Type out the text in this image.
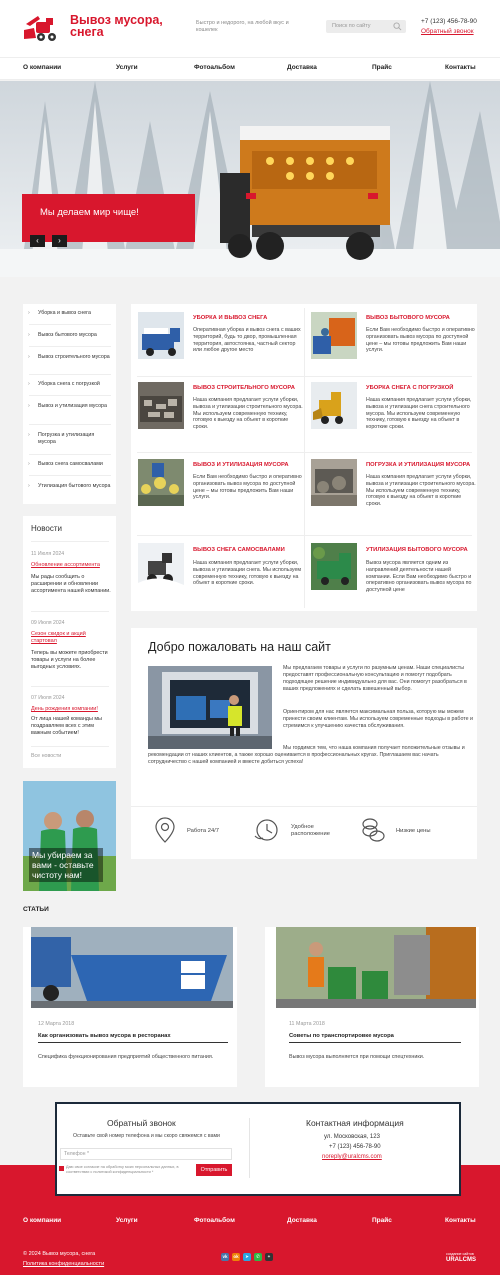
Вывоз мусора, снега
Быстро и недорого, на любой вкус и кошелек
Поиск по сайту
+7 (123) 456-78-90
Обратный звонок
О компании	Услуги	Фотоальбом	Доставка	Прайс	Контакты
Мы делаем мир чище!
‹	›
› Уборка и вывоз снега
› Вывоз бытового мусора
› Вывоз строительного мусора
› Уборка снега с погрузкой
› Вывоз и утилизация мусора
› Погрузка и утилизация мусора
› Вывоз снега самосвалами
› Утилизация бытового мусора
Новости
11 Июля 2024
Обновление ассортимента
Мы рады сообщить о расширении и обновлении ассортимента нашей компании.
09 Июля 2024
Сезон скидок и акций стартовал
Теперь вы можете приобрести товары и услуги на более выгодных условиях.
07 Июля 2024
День рождения компании!
От лица нашей команды мы поздравляем всех с этим важным событием!
Все новости
Мы убираем за вами - оставьте чистоту нам!
УБОРКА И ВЫВОЗ СНЕГА
Оперативная уборка и вывоз снега с ваших территорий, будь то двор, промышленная территория, автостоянка, частный сектор или любое другое место
ВЫВОЗ БЫТОВОГО МУСОРА
Если Вам необходимо быстро и оперативно организовать вывоз мусора по доступной цене – мы готовы предложить Вам наши услуги.
ВЫВОЗ СТРОИТЕЛЬНОГО МУСОРА
Наша компания предлагает услуги уборки, вывоза и утилизации строительного мусора. Мы используем современную технику, готовую к выезду на объект в короткие сроки.
УБОРКА СНЕГА С ПОГРУЗКОЙ
Наша компания предлагает услуги уборки, вывоза и утилизации снега строительного мусора. Мы используем современную технику, готовую к выезду на объект в короткие сроки.
ВЫВОЗ И УТИЛИЗАЦИЯ МУСОРА
Если Вам необходимо быстро и оперативно организовать вывоз мусора по доступной цене – мы готовы предложить Вам наши услуги.
ПОГРУЗКА И УТИЛИЗАЦИЯ МУСОРА
Наша компания предлагает услуги уборки, вывоза и утилизации строительного мусора. Мы используем современную технику, готовую к выезду на объект в короткие сроки.
ВЫВОЗ СНЕГА САМОСВАЛАМИ
Наша компания предлагает услуги уборки, вывоза и утилизации снега. Мы используем современную технику, готовую к выезду на объект в короткие сроки.
УТИЛИЗАЦИЯ БЫТОВОГО МУСОРА
Вывоз мусора является одним из направлений деятельности нашей компании. Если Вам необходимо быстро и оперативно организовать вывоз мусора по доступной цене
Добро пожаловать на наш сайт
Мы предлагаем товары и услуги по разумным ценам. Наши специалисты предоставят профессиональную консультацию и помогут подобрать подходящее решение индивидуально для вас. Они помогут разобраться в ваших предложениях и сделать взвешенный выбор.
Ориентиром для нас является максимальная польза, которую мы можем принести своим клиентам. Мы используем современные подходы в работе и стремимся к улучшению качества обслуживания.
Мы гордимся тем, что наша компания получает положительные отзывы и рекомендации от наших клиентов, а также хорошо оценивается в профессиональных кругах. Приглашаем вас начать сотрудничество с нашей компанией и вместе добиться успеха!
Работа 24/7
Удобное расположение	Низкие цены
СТАТЬИ
12 Марта 2018
Как организовать вывоз мусора в ресторанах
Специфика функционирования предприятий общественного питания.
11 Марта 2018
Советы по транспортировке мусора
Вывоз мусора выполняется при помощи спецтехники.
Обратный звонок
Оставьте свой номер телефона и мы скоро свяжемся с вами
Телефон *
Даю свое согласие на обработку моих персональных данных, в соответствии с политикой конфиденциальности *	Отправить
Контактная информация
ул. Московская, 123
+7 (123) 456-78-90
noreply@uralcms.com
О компании	Услуги	Фотоальбом	Доставка	Прайс	Контакты
© 2024 Вывоз мусора, снега
Политика конфиденциальности
vk	ok	➤	✆	+	создание сайтов
URALCMS
